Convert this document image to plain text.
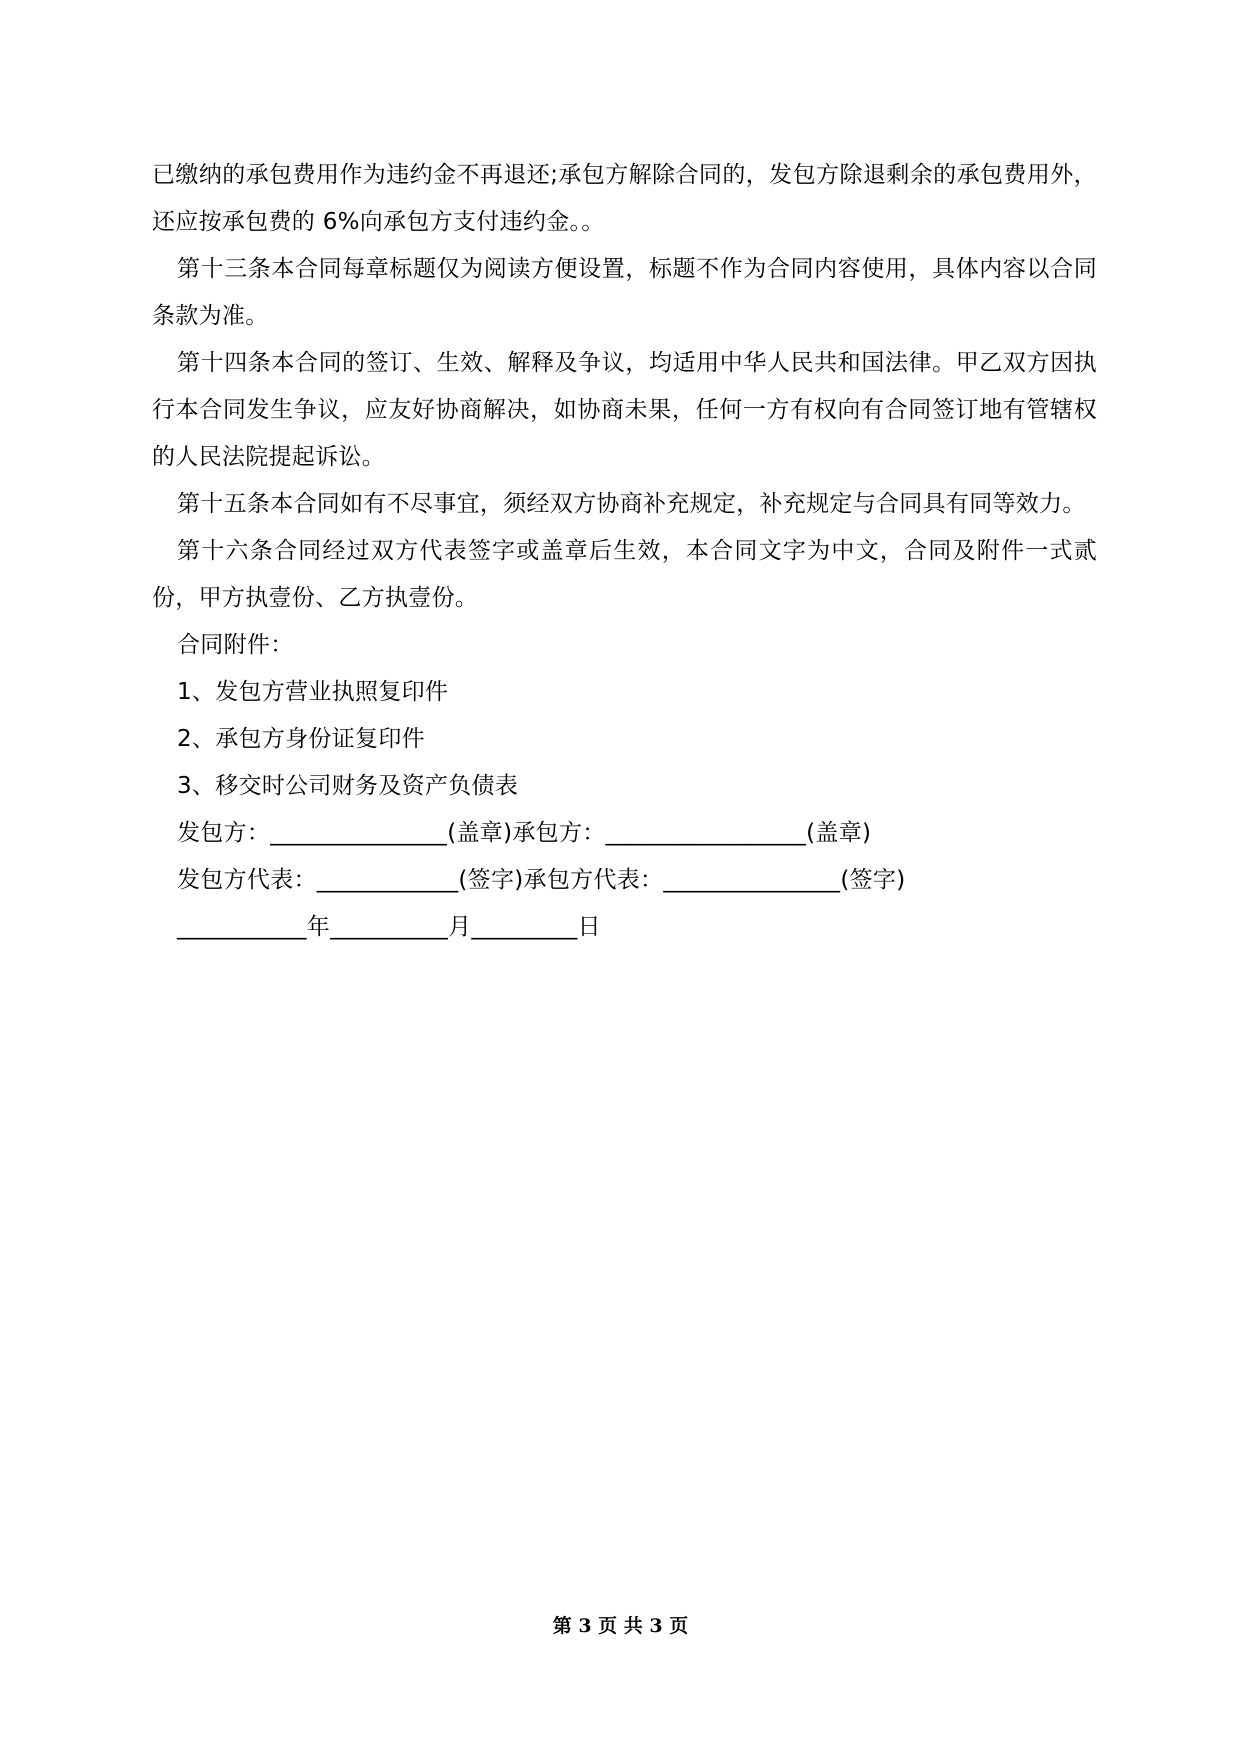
已缴纳的承包费用作为违约金不再退还;承包方解除合同的，发包方除退剩余的承包费用外，还应按承包费的 6%向承包方支付违约金。。

第十三条本合同每章标题仅为阅读方便设置，标题不作为合同内容使用，具体内容以合同条款为准。

第十四条本合同的签订、生效、解释及争议，均适用中华人民共和国法律。甲乙双方因执行本合同发生争议，应友好协商解决，如协商未果，任何一方有权向有合同签订地有管辖权的人民法院提起诉讼。

第十五条本合同如有不尽事宜，须经双方协商补充规定，补充规定与合同具有同等效力。

第十六条合同经过双方代表签字或盖章后生效，本合同文字为中文，合同及附件一式贰份，甲方执壹份、乙方执壹份。

合同附件：

1、发包方营业执照复印件

2、承包方身份证复印件

3、移交时公司财务及资产负债表

发包方：_______________(盖章)承包方：_________________(盖章)

发包方代表：____________(签字)承包方代表：_______________(签字)

___________年__________月_________日

第 3 页 共 3 页
